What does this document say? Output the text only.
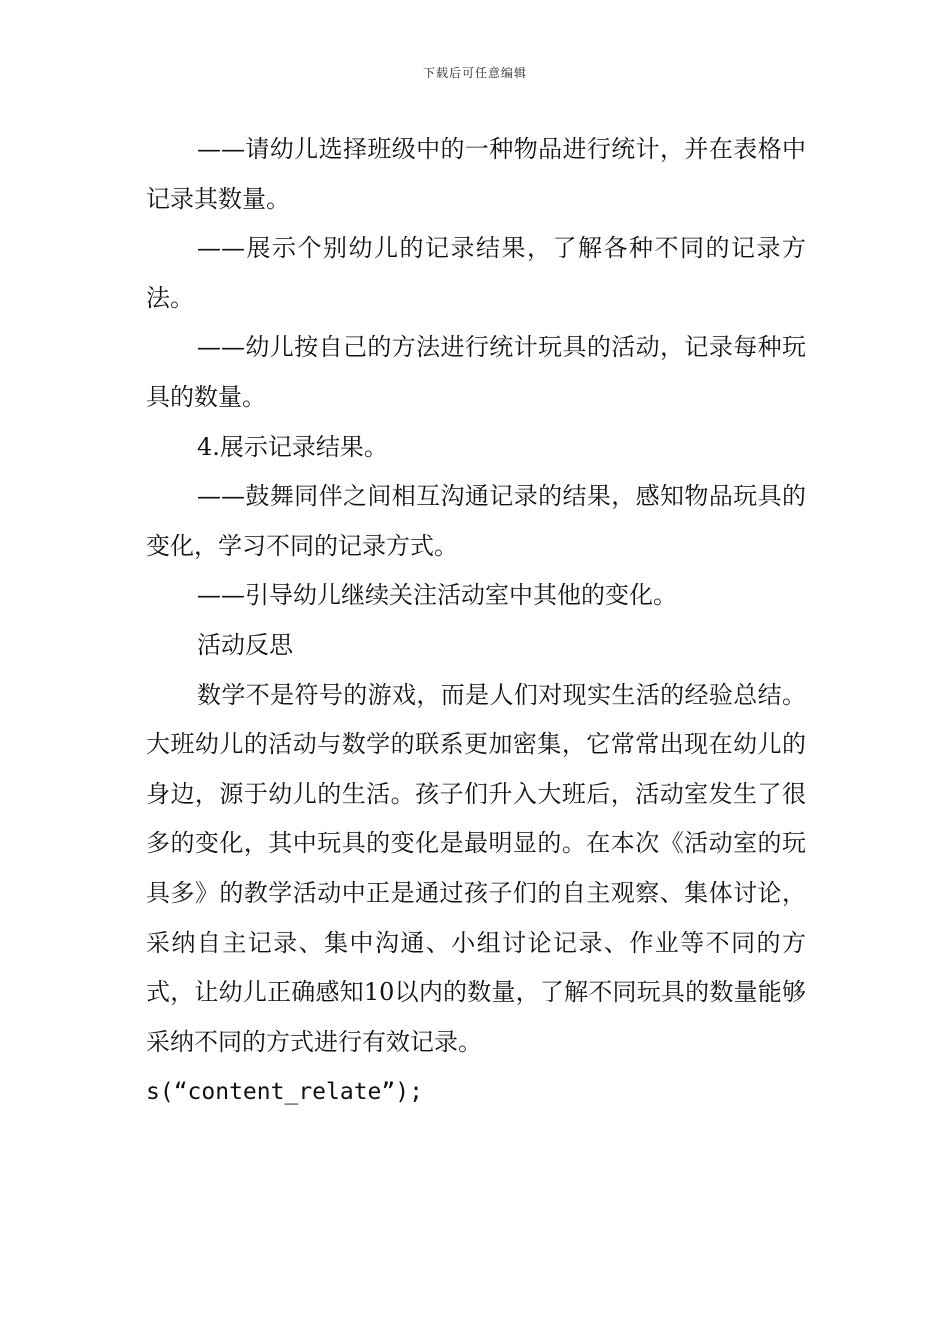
下载后可任意编辑

——请幼儿选择班级中的一种物品进行统计，并在表格中记录其数量。

——展示个别幼儿的记录结果，了解各种不同的记录方法。

——幼儿按自己的方法进行统计玩具的活动，记录每种玩具的数量。

4.展示记录结果。

——鼓舞同伴之间相互沟通记录的结果，感知物品玩具的变化，学习不同的记录方式。

——引导幼儿继续关注活动室中其他的变化。

活动反思

数学不是符号的游戏，而是人们对现实生活的经验总结。大班幼儿的活动与数学的联系更加密集，它常常出现在幼儿的身边，源于幼儿的生活。孩子们升入大班后，活动室发生了很多的变化，其中玩具的变化是最明显的。在本次《活动室的玩具多》的教学活动中正是通过孩子们的自主观察、集体讨论，采纳自主记录、集中沟通、小组讨论记录、作业等不同的方式，让幼儿正确感知10以内的数量，了解不同玩具的数量能够采纳不同的方式进行有效记录。

s(“content_relate”);
